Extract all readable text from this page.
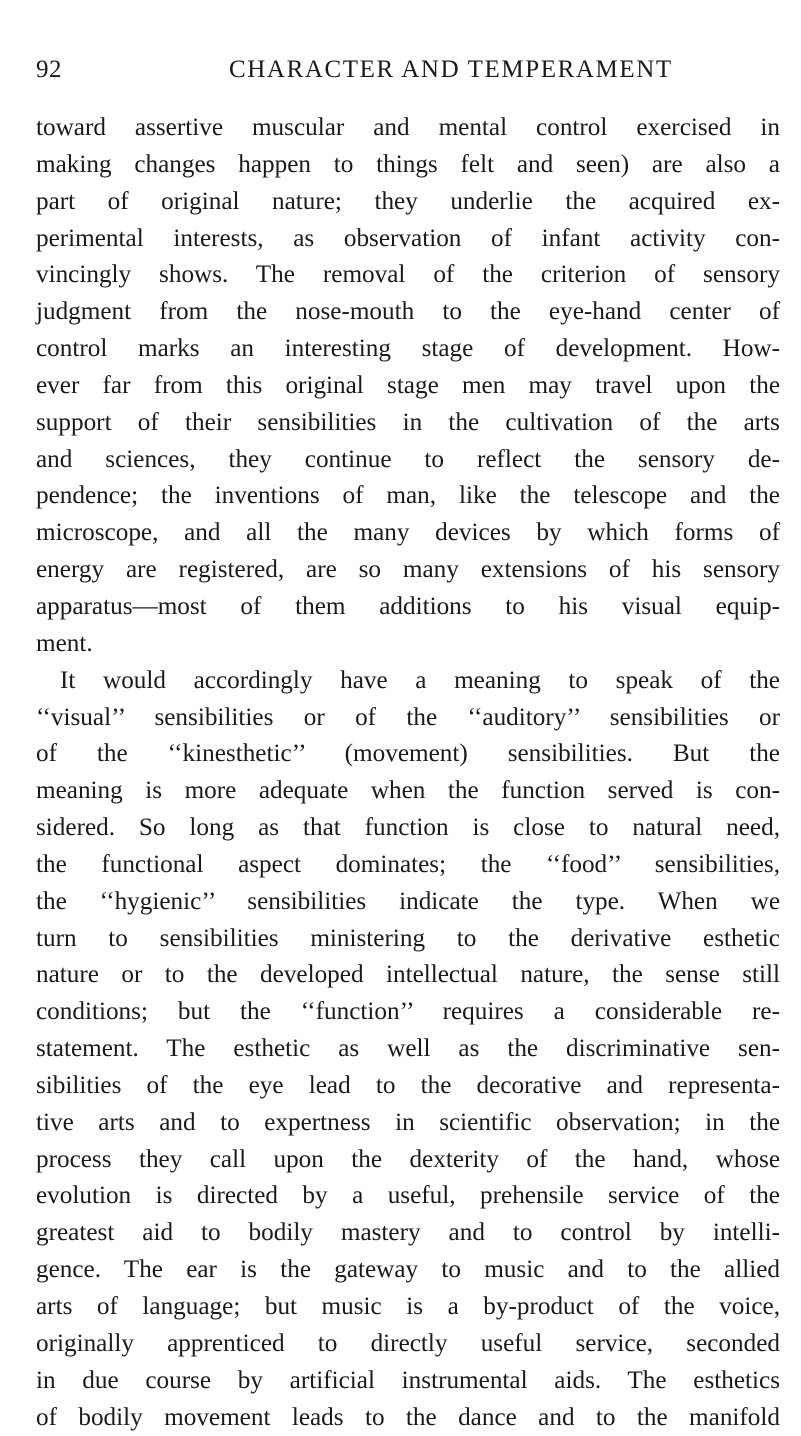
92	CHARACTER AND TEMPERAMENT
toward assertive muscular and mental control exercised in
making changes happen to things felt and seen) are also a
part of original nature; they underlie the acquired ex-
perimental interests, as observation of infant activity con-
vincingly shows. The removal of the criterion of sensory
judgment from the nose-mouth to the eye-hand center of
control marks an interesting stage of development. How-
ever far from this original stage men may travel upon the
support of their sensibilities in the cultivation of the arts
and sciences, they continue to reflect the sensory de-
pendence; the inventions of man, like the telescope and the
microscope, and all the many devices by which forms of
energy are registered, are so many extensions of his sensory
apparatus—most of them additions to his visual equip-
ment.
It would accordingly have a meaning to speak of the
‘‘visual’’ sensibilities or of the ‘‘auditory’’ sensibilities or
of the ‘‘kinesthetic’’ (movement) sensibilities. But the
meaning is more adequate when the function served is con-
sidered. So long as that function is close to natural need,
the functional aspect dominates; the ‘‘food’’ sensibilities,
the ‘‘hygienic’’ sensibilities indicate the type. When we
turn to sensibilities ministering to the derivative esthetic
nature or to the developed intellectual nature, the sense still
conditions; but the ‘‘function’’ requires a considerable re-
statement. The esthetic as well as the discriminative sen-
sibilities of the eye lead to the decorative and representa-
tive arts and to expertness in scientific observation; in the
process they call upon the dexterity of the hand, whose
evolution is directed by a useful, prehensile service of the
greatest aid to bodily mastery and to control by intelli-
gence. The ear is the gateway to music and to the allied
arts of language; but music is a by-product of the voice,
originally apprenticed to directly useful service, seconded
in due course by artificial instrumental aids. The esthetics
of bodily movement leads to the dance and to the manifold
